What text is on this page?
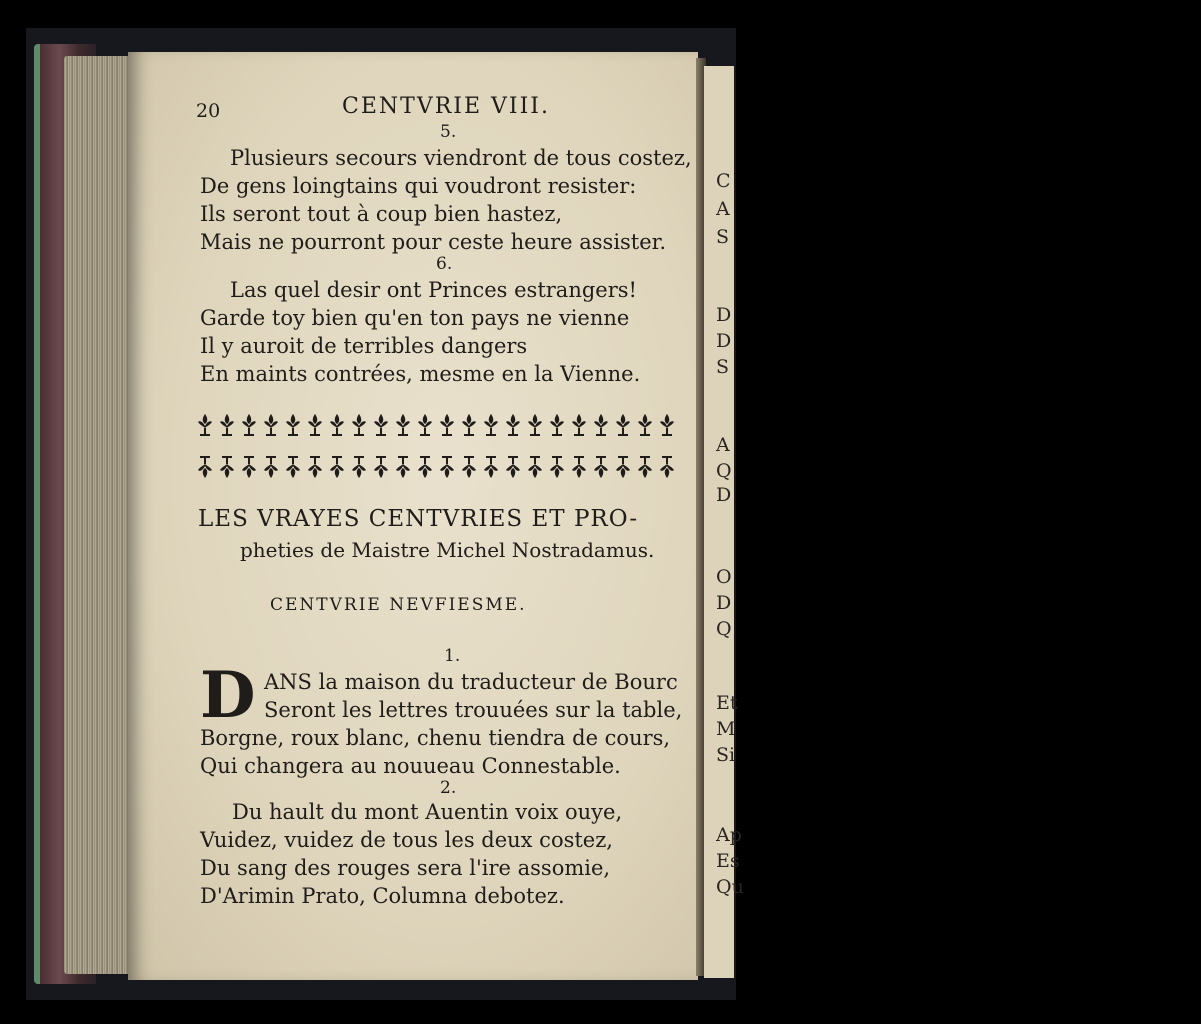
C
A
S
D
D
S
A
Q
D
O
D
Q
Et
M
Si
Ap
Es
Qu
20	CENTVRIE VIII.
5.
Plusieurs secours viendront de tous costez,
De gens loingtains qui voudront resister:
Ils seront tout à coup bien hastez,
Mais ne pourront pour ceste heure assister.
6.
Las quel desir ont Princes estrangers!
Garde toy bien qu'en ton pays ne vienne
Il y auroit de terribles dangers
En maints contrées, mesme en la Vienne.
LES VRAYES CENTVRIES ET PRO-
pheties de Maistre Michel Nostradamus.
CENTVRIE NEVFIESME.
1.
D ANS la maison du traducteur de Bourc
Seront les lettres trouuées sur la table,
Borgne, roux blanc, chenu tiendra de cours,
Qui changera au nouueau Connestable.
2.
Du hault du mont Auentin voix ouye,
Vuidez, vuidez de tous les deux costez,
Du sang des rouges sera l'ire assomie,
D'Arimin Prato, Columna debotez.
